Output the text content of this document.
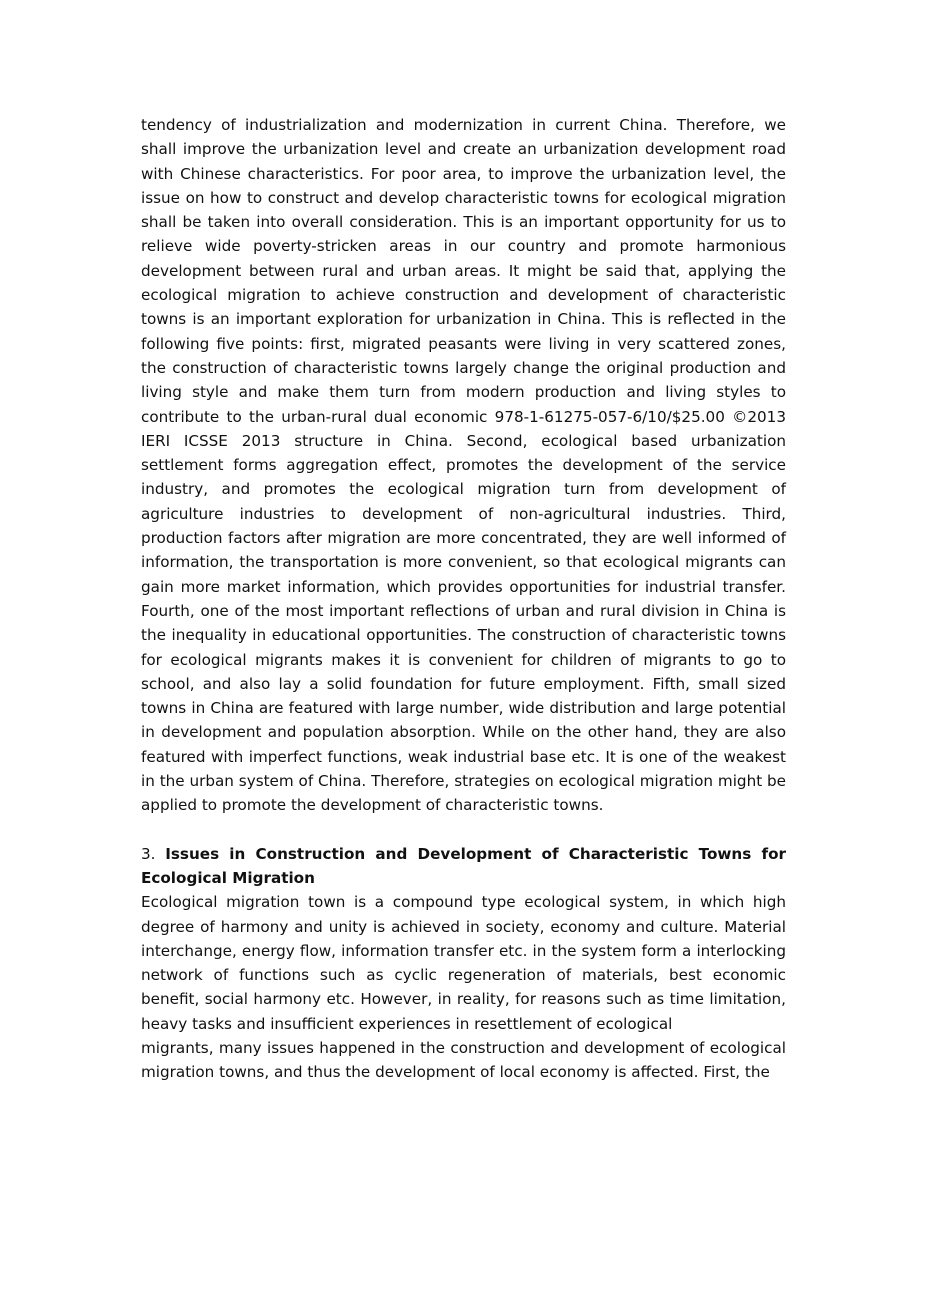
tendency of industrialization and modernization in current China. Therefore, we shall improve the urbanization level and create an urbanization development road with Chinese characteristics. For poor area, to improve the urbanization level, the issue on how to construct and develop characteristic towns for ecological migration shall be taken into overall consideration. This is an important opportunity for us to relieve wide poverty-stricken areas in our country and promote harmonious development between rural and urban areas. It might be said that, applying the ecological migration to achieve construction and development of characteristic towns is an important exploration for urbanization in China. This is reflected in the following five points: first, migrated peasants were living in very scattered zones, the construction of characteristic towns largely change the original production and living style and make them turn from modern production and living styles to contribute to the urban-rural dual economic 978-1-61275-057-6/10/$25.00 ©2013 IERI ICSSE 2013 structure in China. Second, ecological based urbanization settlement forms aggregation effect, promotes the development of the service industry, and promotes the ecological migration turn from development of agriculture industries to development of non-agricultural industries. Third, production factors after migration are more concentrated, they are well informed of information, the transportation is more convenient, so that ecological migrants can gain more market information, which provides opportunities for industrial transfer. Fourth, one of the most important reflections of urban and rural division in China is the inequality in educational opportunities. The construction of characteristic towns for ecological migrants makes it is convenient for children of migrants to go to school, and also lay a solid foundation for future employment. Fifth, small sized towns in China are featured with large number, wide distribution and large potential in development and population absorption. While on the other hand, they are also featured with imperfect functions, weak industrial base etc. It is one of the weakest in the urban system of China. Therefore, strategies on ecological migration might be applied to promote the development of characteristic towns.

3. Issues in Construction and Development of Characteristic Towns for Ecological Migration

Ecological migration town is a compound type ecological system, in which high degree of harmony and unity is achieved in society, economy and culture. Material interchange, energy flow, information transfer etc. in the system form a interlocking network of functions such as cyclic regeneration of materials, best economic benefit, social harmony etc. However, in reality, for reasons such as time limitation, heavy tasks and insufficient experiences in resettlement of ecological

migrants, many issues happened in the construction and development of ecological migration towns, and thus the development of local economy is affected. First, the
